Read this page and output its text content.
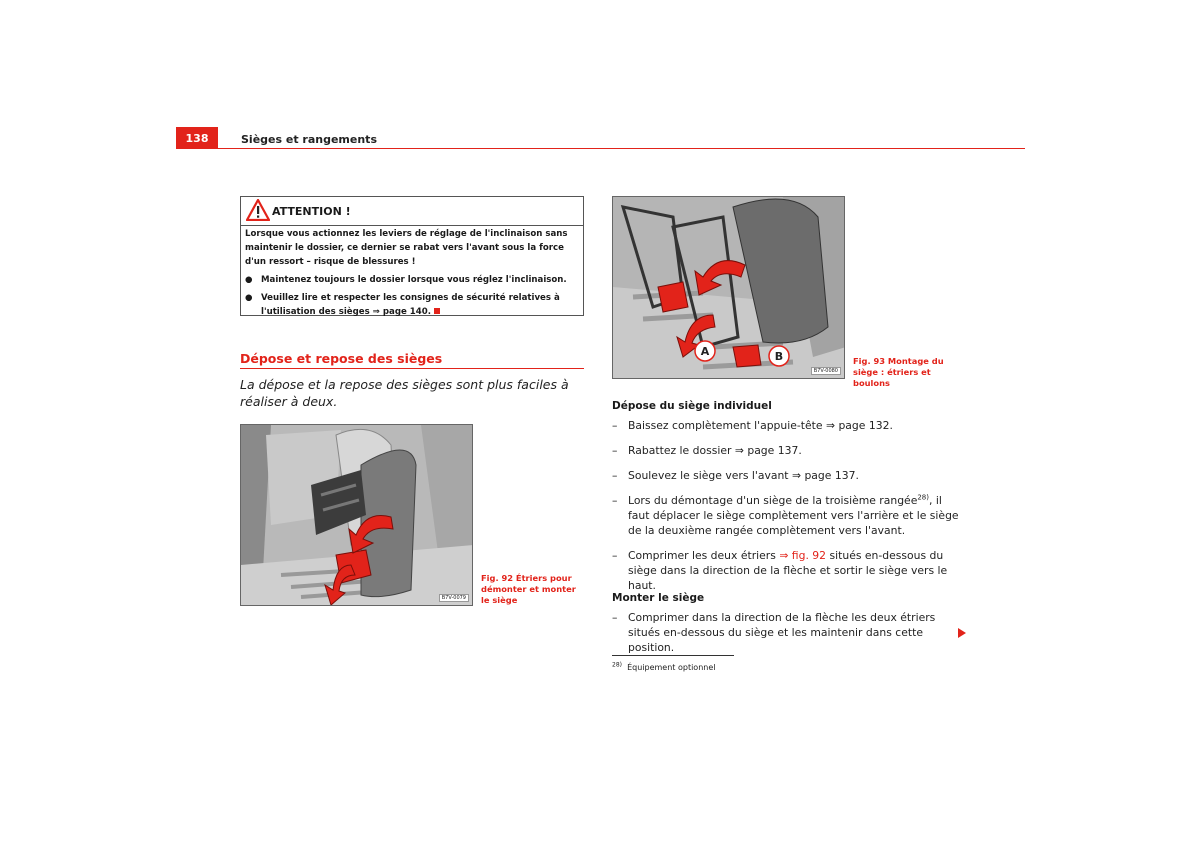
138	Sièges et rangements
ATTENTION !

Lorsque vous actionnez les leviers de réglage de l'inclinaison sans maintenir le dossier, ce dernier se rabat vers l'avant sous la force d'un ressort – risque de blessures !

● Maintenez toujours le dossier lorsque vous réglez l'inclinaison.
● Veuillez lire et respecter les consignes de sécurité relatives à l'utilisation des sièges ⇒ page 140.
Dépose et repose des sièges
La dépose et la repose des sièges sont plus faciles à réaliser à deux.
B7V-0079
Fig. 92 Étriers pour démonter et monter le siège
A	B
B7V-0080
Fig. 93 Montage du siège : étriers et boulons
Dépose du siège individuel
– Baissez complètement l'appuie-tête ⇒ page 132.
– Rabattez le dossier ⇒ page 137.
– Soulevez le siège vers l'avant ⇒ page 137.
– Lors du démontage d'un siège de la troisième rangée$^{28)}$, il faut déplacer le siège complètement vers l'arrière et le siège de la deuxième rangée complètement vers l'avant.
– Comprimer les deux étriers ⇒ fig. 92 situés en-dessous du siège dans la direction de la flèche et sortir le siège vers le haut.
Monter le siège
– Comprimer dans la direction de la flèche les deux étriers situés en-dessous du siège et les maintenir dans cette position.
$^{28)}$ Équipement optionnel
